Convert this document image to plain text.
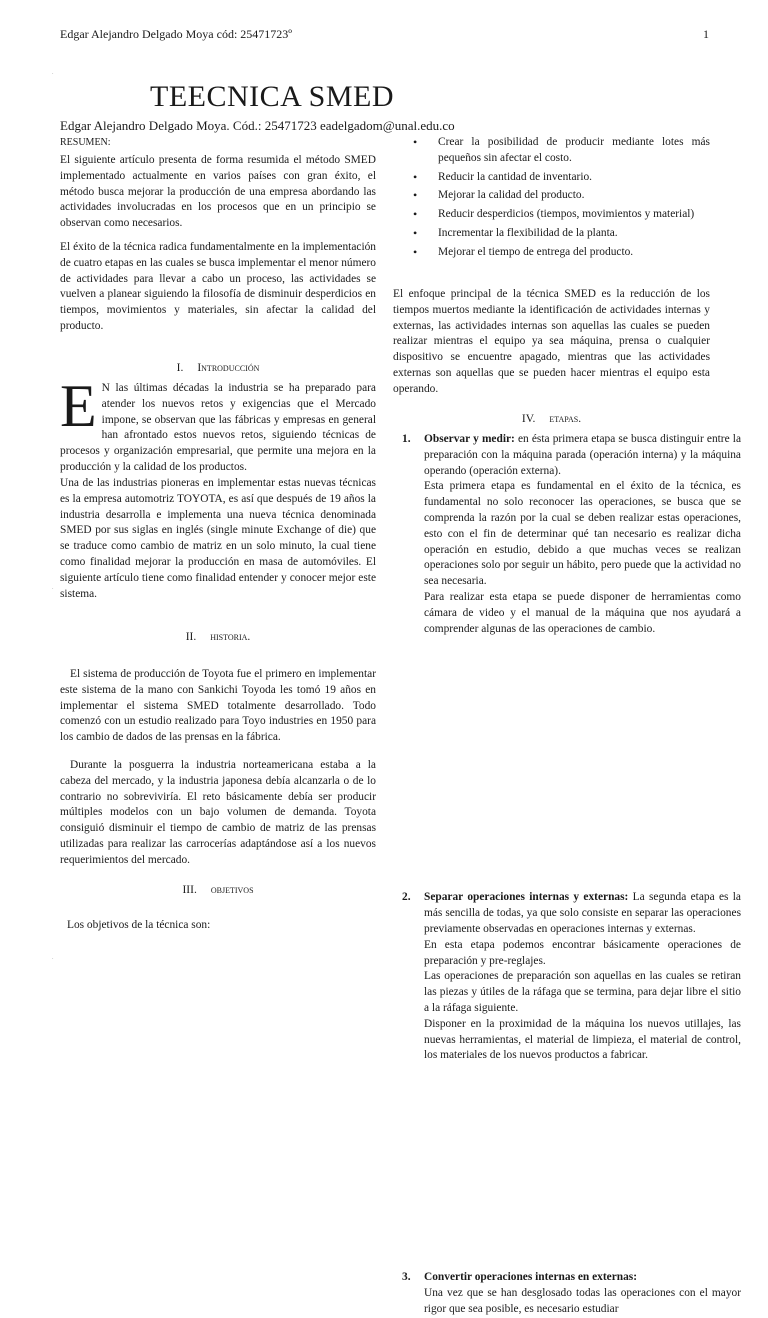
Edgar Alejandro Delgado Moya cód: 25471723º	1
.
.
.
TEECNICA SMED
Edgar Alejandro Delgado Moya. Cód.: 25471723 eadelgadom@unal.edu.co
RESUMEN:
El siguiente artículo presenta de forma resumida el método SMED implementado actualmente en varios países con gran éxito, el método busca mejorar la producción de una empresa abordando las actividades involucradas en los procesos que en un principio se observan como necesarios.
El éxito de la técnica radica fundamentalmente en la implementación de cuatro etapas en las cuales se busca implementar el menor número de actividades para llevar a cabo un proceso, las actividades se vuelven a planear siguiendo la filosofía de disminuir desperdicios en tiempos, movimientos y materiales, sin afectar la calidad del producto.
I. Introducción
E N las últimas décadas la industria se ha preparado para atender los nuevos retos y exigencias que el Mercado impone, se observan que las fábricas y empresas en general han afrontado estos nuevos retos, siguiendo técnicas de procesos y organización empresarial, que permite una mejora en la producción y la calidad de los productos.
Una de las industrias pioneras en implementar estas nuevas técnicas es la empresa automotriz TOYOTA, es así que después de 19 años la industria desarrolla e implementa una nueva técnica denominada SMED por sus siglas en inglés (single minute Exchange of die) que se traduce como cambio de matriz en un solo minuto, la cual tiene como finalidad mejorar la producción en masa de automóviles. El siguiente artículo tiene como finalidad entender y conocer mejor este sistema.
II. historia.
El sistema de producción de Toyota fue el primero en implementar este sistema de la mano con Sankichi Toyoda les tomó 19 años en implementar el sistema SMED totalmente desarrollado. Todo comenzó con un estudio realizado para Toyo industries en 1950 para los cambio de dados de las prensas en la fábrica.
Durante la posguerra la industria norteamericana estaba a la cabeza del mercado, y la industria japonesa debía alcanzarla o de lo contrario no sobreviviría. El reto básicamente debía ser producir múltiples modelos con un bajo volumen de demanda. Toyota consiguió disminuir el tiempo de cambio de matriz de las prensas utilizadas para realizar las carrocerías adaptándose así a los nuevos requerimientos del mercado.
III. objetivos
Los objetivos de la técnica son:
• Crear la posibilidad de producir mediante lotes más pequeños sin afectar el costo.
• Reducir la cantidad de inventario.
• Mejorar la calidad del producto.
• Reducir desperdicios (tiempos, movimientos y material)
• Incrementar la flexibilidad de la planta.
• Mejorar el tiempo de entrega del producto.
El enfoque principal de la técnica SMED es la reducción de los tiempos muertos mediante la identificación de actividades internas y externas, las actividades internas son aquellas las cuales se pueden realizar mientras el equipo ya sea máquina, prensa o cualquier dispositivo se encuentre apagado, mientras que las actividades externas son aquellas que se pueden hacer mientras el equipo esta operando.
IV. etapas.
1. Observar y medir: en ésta primera etapa se busca distinguir entre la preparación con la máquina parada (operación interna) y la máquina operando (operación externa).
Esta primera etapa es fundamental en el éxito de la técnica, es fundamental no solo reconocer las operaciones, se busca que se comprenda la razón por la cual se deben realizar estas operaciones, esto con el fin de determinar qué tan necesario es realizar dicha operación en estudio, debido a que muchas veces se realizan operaciones solo por seguir un hábito, pero puede que la actividad no sea necesaria.
Para realizar esta etapa se puede disponer de herramientas como cámara de video y el manual de la máquina que nos ayudará a comprender algunas de las operaciones de cambio.
2. Separar operaciones internas y externas: La segunda etapa es la más sencilla de todas, ya que solo consiste en separar las operaciones previamente observadas en operaciones internas y externas.
En esta etapa podemos encontrar básicamente operaciones de preparación y pre-reglajes.
Las operaciones de preparación son aquellas en las cuales se retiran las piezas y útiles de la ráfaga que se termina, para dejar libre el sitio a la ráfaga siguiente.
Disponer en la proximidad de la máquina los nuevos utillajes, las nuevas herramientas, el material de limpieza, el material de control, los materiales de los nuevos productos a fabricar.
3. Convertir operaciones internas en externas:
Una vez que se han desglosado todas las operaciones con el mayor rigor que sea posible, es necesario estudiar
